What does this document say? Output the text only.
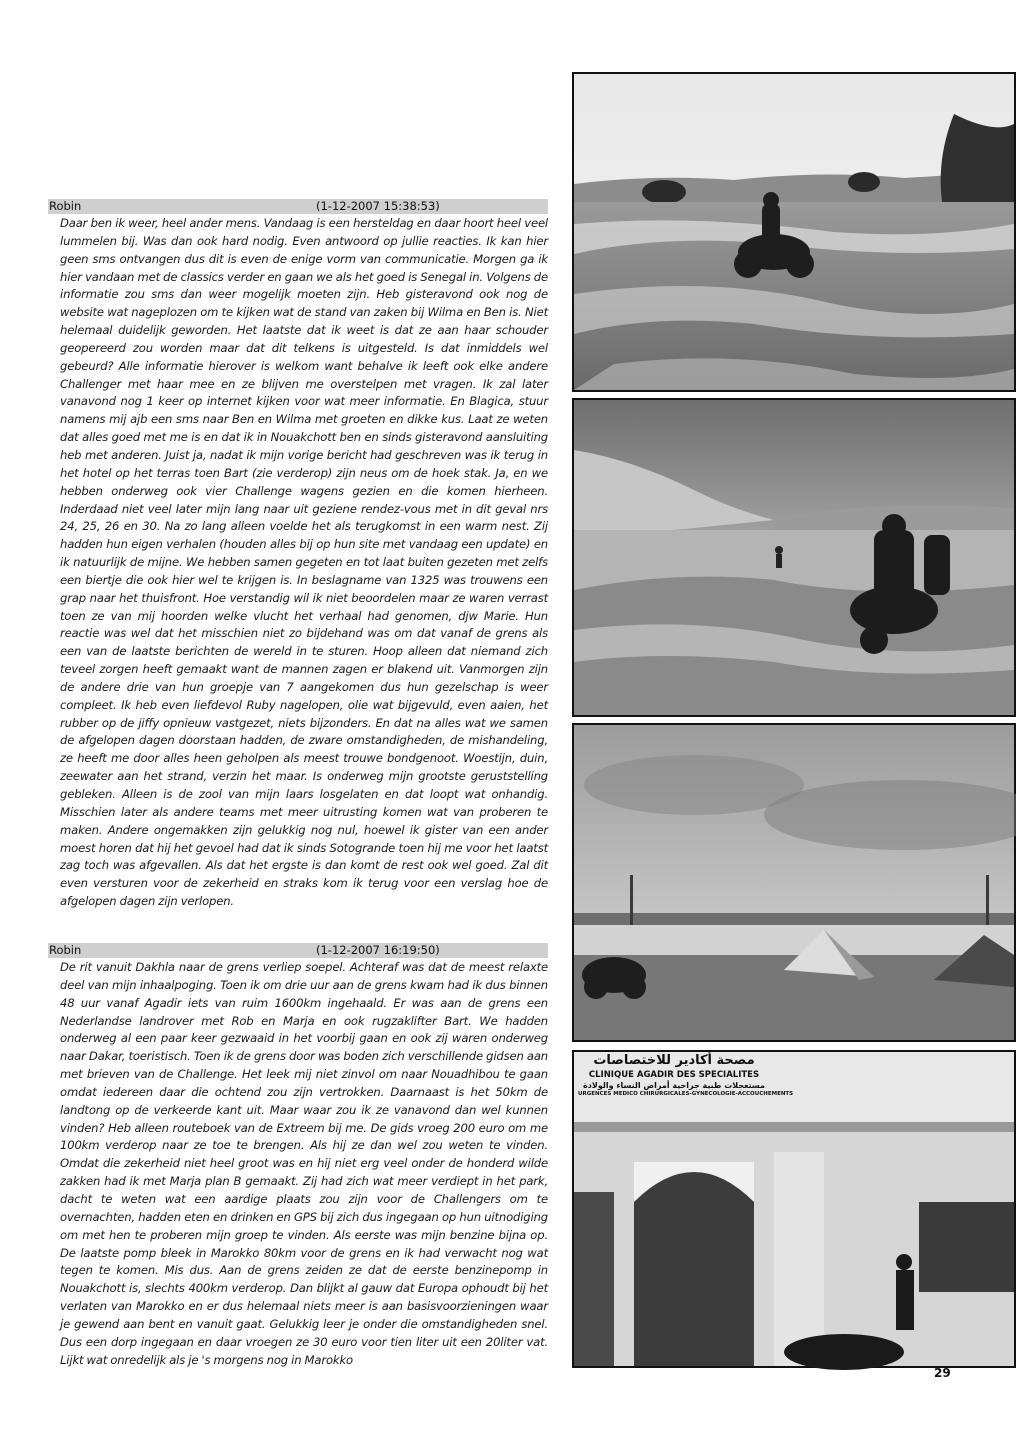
Robin	(1-12-2007 15:38:53)

Daar ben ik weer, heel ander mens. Vandaag is een hersteldag en daar hoort heel veel lummelen bij. Was dan ook hard nodig. Even antwoord op jullie reacties. Ik kan hier geen sms ontvangen dus dit is even de enige vorm van communicatie. Morgen ga ik hier vandaan met de classics verder en gaan we als het goed is Senegal in. Volgens de informatie zou sms dan weer mogelijk moeten zijn. Heb gisteravond ook nog de website wat nageplozen om te kijken wat de stand van zaken bij Wilma en Ben is. Niet helemaal duidelijk geworden. Het laatste dat ik weet is dat ze aan haar schouder geopereerd zou worden maar dat dit telkens is uitgesteld. Is dat inmiddels wel gebeurd? Alle informatie hierover is welkom want behalve ik leeft ook elke andere Challenger met haar mee en ze blijven me overstelpen met vragen. Ik zal later vanavond nog 1 keer op internet kijken voor wat meer informatie. En Blagica, stuur namens mij ajb een sms naar Ben en Wilma met groeten en dikke kus. Laat ze weten dat alles goed met me is en dat ik in Nouakchott ben en sinds gisteravond aansluiting heb met anderen. Juist ja, nadat ik mijn vorige bericht had geschreven was ik terug in het hotel op het terras toen Bart (zie verderop) zijn neus om de hoek stak. Ja, en we hebben onderweg ook vier Challenge wagens gezien en die komen hierheen. Inderdaad niet veel later mijn lang naar uit geziene rendez-vous met in dit geval nrs 24, 25, 26 en 30. Na zo lang alleen voelde het als terugkomst in een warm nest. Zij hadden hun eigen verhalen (houden alles bij op hun site met vandaag een update) en ik natuurlijk de mijne. We hebben samen gegeten en tot laat buiten gezeten met zelfs een biertje die ook hier wel te krijgen is. In beslagname van 1325 was trouwens een grap naar het thuisfront. Hoe verstandig wil ik niet beoordelen maar ze waren verrast toen ze van mij hoorden welke vlucht het verhaal had genomen, djw Marie. Hun reactie was wel dat het misschien niet zo bijdehand was om dat vanaf de grens als een van de laatste berichten de wereld in te sturen. Hoop alleen dat niemand zich teveel zorgen heeft gemaakt want de mannen zagen er blakend uit. Vanmorgen zijn de andere drie van hun groepje van 7 aangekomen dus hun gezelschap is weer compleet. Ik heb even liefdevol Ruby nagelopen, olie wat bijgevuld, even aaien, het rubber op de jiffy opnieuw vastgezet, niets bijzonders. En dat na alles wat we samen de afgelopen dagen doorstaan hadden, de zware omstandigheden, de mishandeling, ze heeft me door alles heen geholpen als meest trouwe bondgenoot. Woestijn, duin, zeewater aan het strand, verzin het maar. Is onderweg mijn grootste geruststelling gebleken. Alleen is de zool van mijn laars losgelaten en dat loopt wat onhandig. Misschien later als andere teams met meer uitrusting komen wat van proberen te maken. Andere ongemakken zijn gelukkig nog nul, hoewel ik gister van een ander moest horen dat hij het gevoel had dat ik sinds Sotogrande toen hij me voor het laatst zag toch was afgevallen. Als dat het ergste is dan komt de rest ook wel goed. Zal dit even versturen voor de zekerheid en straks kom ik terug voor een verslag hoe de afgelopen dagen zijn verlopen.

Robin	(1-12-2007 16:19:50)

De rit vanuit Dakhla naar de grens verliep soepel. Achteraf was dat de meest relaxte deel van mijn inhaalpoging. Toen ik om drie uur aan de grens kwam had ik dus binnen 48 uur vanaf Agadir iets van ruim 1600km ingehaald. Er was aan de grens een Nederlandse landrover met Rob en Marja en ook rugzaklifter Bart. We hadden onderweg al een paar keer gezwaaid in het voorbij gaan en ook zij waren onderweg naar Dakar, toeristisch. Toen ik de grens door was boden zich verschillende gidsen aan met brieven van de Challenge. Het leek mij niet zinvol om naar Nouadhibou te gaan omdat iedereen daar die ochtend zou zijn vertrokken. Daarnaast is het 50km de landtong op de verkeerde kant uit. Maar waar zou ik ze vanavond dan wel kunnen vinden? Heb alleen routeboek van de Extreem bij me. De gids vroeg 200 euro om me 100km verderop naar ze toe te brengen. Als hij ze dan wel zou weten te vinden. Omdat die zekerheid niet heel groot was en hij niet erg veel onder de honderd wilde zakken had ik met Marja plan B gemaakt. Zij had zich wat meer verdiept in het park, dacht te weten wat een aardige plaats zou zijn voor de Challengers om te overnachten, hadden eten en drinken en GPS bij zich dus ingegaan op hun uitnodiging om met hen te proberen mijn groep te vinden. Als eerste was mijn benzine bijna op. De laatste pomp bleek in Marokko 80km voor de grens en ik had verwacht nog wat tegen te komen. Mis dus. Aan de grens zeiden ze dat de eerste benzinepomp in Nouakchott is, slechts 400km verderop. Dan blijkt al gauw dat Europa ophoudt bij het verlaten van Marokko en er dus helemaal niets meer is aan basisvoorzieningen waar je gewend aan bent en vanuit gaat. Gelukkig leer je onder die omstandigheden snel. Dus een dorp ingegaan en daar vroegen ze 30 euro voor tien liter uit een 20liter vat. Lijkt wat onredelijk als je 's morgens nog in Marokko

مصحة أكادير للاختصاصات
CLINIQUE AGADIR DES SPECIALITES
مستعجلات طبية جراحية أمراض النساء والولادة
URGENCES MEDICO CHIRURGICALES-GYNECOLOGIE-ACCOUCHEMENTS
29
